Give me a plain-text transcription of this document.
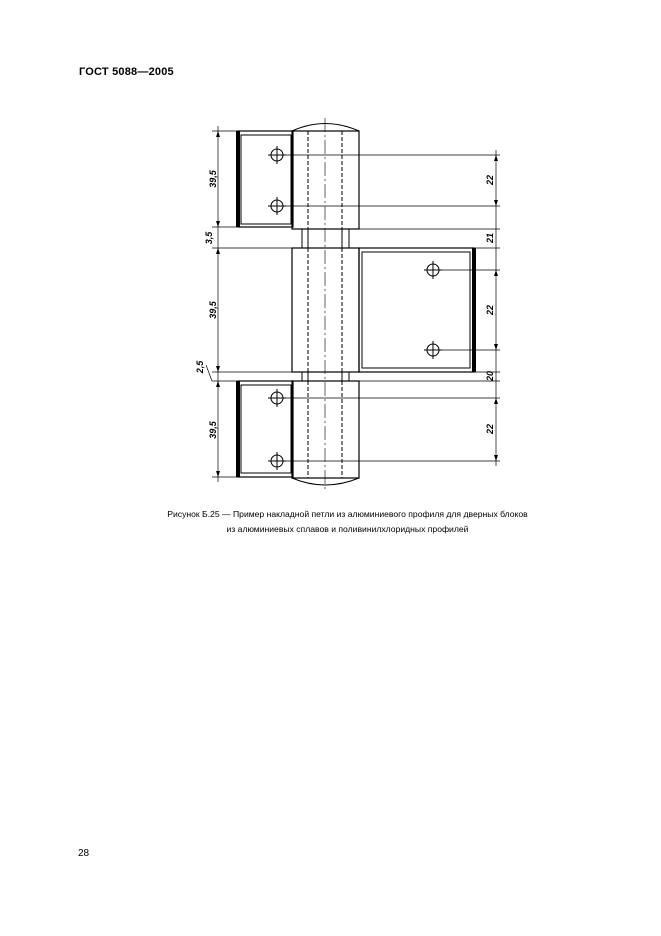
ГОСТ 5088—2005
39,5
3,5
39,5
2,5
39,5
22
21
22
20
22
Рисунок Б.25 — Пример накладной петли из алюминиевого профиля для дверных блоков
из алюминиевых сплавов и поливинилхлоридных профилей
28
